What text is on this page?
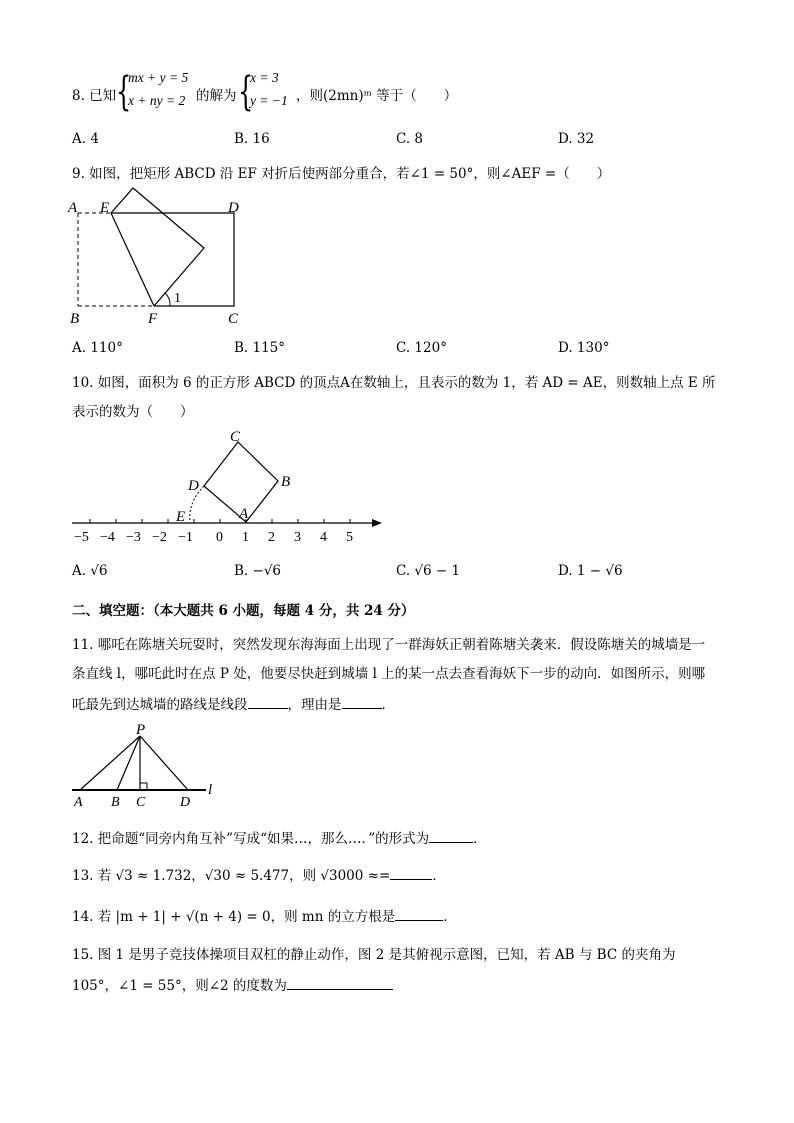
8. 已知 {
mx + y = 5
x + ny = 2 的解为 {
x = 3
y = −1 ，则(2mn)ᵐ 等于（　　）
A. 4	B. 16	C. 8	D. 32
9. 如图，把矩形 ABCD 沿 EF 对折后使两部分重合，若∠1 = 50°，则∠AEF =（　　）
1
A E	D
B	F	C
A. 110°	B. 115°	C. 120°	D. 130°
10. 如图，面积为 6 的正方形 ABCD 的顶点A在数轴上，且表示的数为 1，若 AD = AE，则数轴上点 E 所
表示的数为（　　）
C
B
D
A
E
−5 −4 −3 −2 −1 0 1 2 3 4 5
A. √6	B. −√6	C. √6 − 1	D. 1 − √6
二、填空题：（本大题共 6 小题，每题 4 分，共 24 分）
11. 哪吒在陈塘关玩耍时，突然发现东海海面上出现了一群海妖正朝着陈塘关袭来．假设陈塘关的城墙是一
条直线 l，哪吒此时在点 P 处，他要尽快赶到城墙 l 上的某一点去查看海妖下一步的动向．如图所示，则哪
吒最先到达城墙的路线是线段	，理由是	．
P
A B C D
l
12. 把命题“同旁内角互补”写成“如果…，那么…．”的形式为	．
13. 若 √3 ≈ 1.732，√30 ≈ 5.477，则 √3000 ≈=	．
14. 若 |m + 1| + √(n + 4) = 0，则 mn 的立方根是	．
15. 图 1 是男子竞技体操项目双杠的静止动作，图 2 是其俯视示意图，已知，若 AB 与 BC 的夹角为
105°，∠1 = 55°，则∠2 的度数为
